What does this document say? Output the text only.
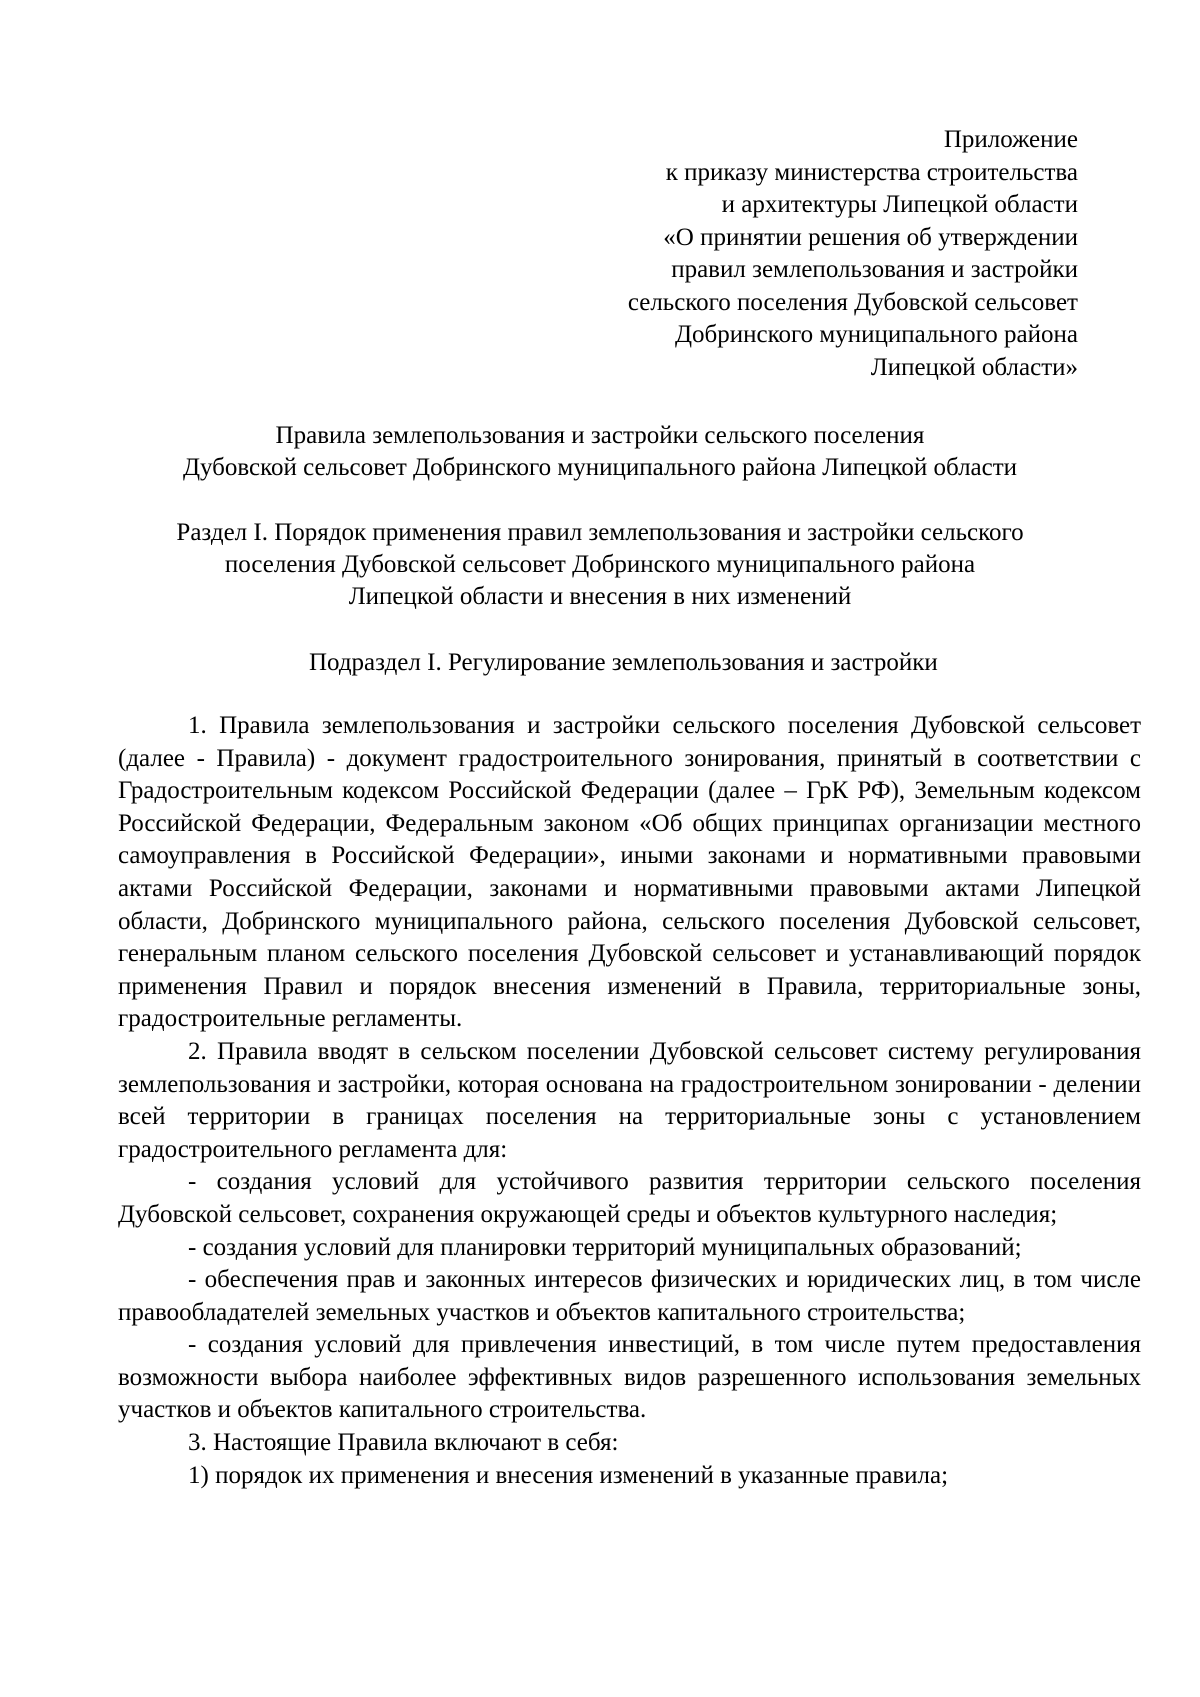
Приложение
к приказу министерства строительства
и архитектуры Липецкой области
«О принятии решения об утверждении
правил землепользования и застройки
сельского поселения Дубовской сельсовет
Добринского муниципального района
Липецкой области»
Правила землепользования и застройки сельского поселения
Дубовской сельсовет Добринского муниципального района Липецкой области
Раздел I. Порядок применения правил землепользования и застройки сельского
поселения Дубовской сельсовет Добринского муниципального района
Липецкой области и внесения в них изменений
Подраздел I. Регулирование землепользования и застройки

1. Правила землепользования и застройки сельского поселения Дубовской сельсовет (далее - Правила) - документ градостроительного зонирования, принятый в соответствии с Градостроительным кодексом Российской Федерации (далее – ГрК РФ), Земельным кодексом Российской Федерации, Федеральным законом «Об общих принципах организации местного самоуправления в Российской Федерации», иными законами и нормативными правовыми актами Российской Федерации, законами и нормативными правовыми актами Липецкой области, Добринского муниципального района, сельского поселения Дубовской сельсовет, генеральным планом сельского поселения Дубовской сельсовет и устанавливающий порядок применения Правил и порядок внесения изменений в Правила, территориальные зоны, градостроительные регламенты.

2. Правила вводят в сельском поселении Дубовской сельсовет систему регулирования землепользования и застройки, которая основана на градостроительном зонировании - делении всей территории в границах поселения на территориальные зоны с установлением градостроительного регламента для:

- создания условий для устойчивого развития территории сельского поселения Дубовской сельсовет, сохранения окружающей среды и объектов культурного наследия;

- создания условий для планировки территорий муниципальных образований;

- обеспечения прав и законных интересов физических и юридических лиц, в том числе правообладателей земельных участков и объектов капитального строительства;

- создания условий для привлечения инвестиций, в том числе путем предоставления возможности выбора наиболее эффективных видов разрешенного использования земельных участков и объектов капитального строительства.

3. Настоящие Правила включают в себя:

1) порядок их применения и внесения изменений в указанные правила;
